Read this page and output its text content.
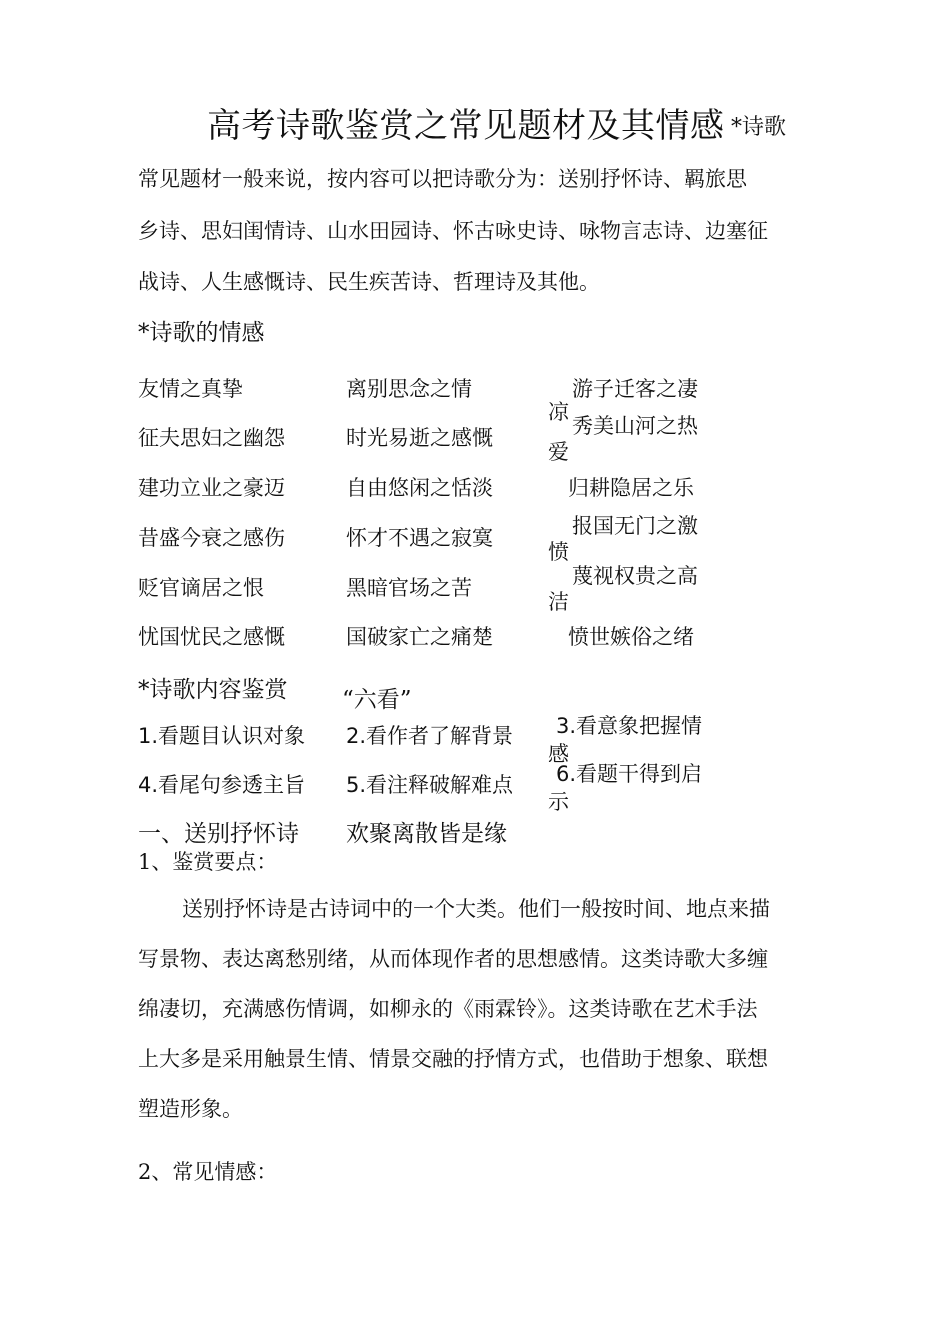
高考诗歌鉴赏之常见题材及其情感 *诗歌
常见题材一般来说，按内容可以把诗歌分为：送别抒怀诗、羁旅思
乡诗、思妇闺情诗、山水田园诗、怀古咏史诗、咏物言志诗、边塞征
战诗、人生感慨诗、民生疾苦诗、哲理诗及其他。
*诗歌的情感
友情之真挚	离别思念之情	游子迁客之凄
凉
征夫思妇之幽怨	时光易逝之感慨	秀美山河之热
爱
建功立业之豪迈	自由悠闲之恬淡	归耕隐居之乐
昔盛今衰之感伤	怀才不遇之寂寞	报国无门之激
愤
贬官谪居之恨	黑暗官场之苦	蔑视权贵之高
洁
忧国忧民之感慨	国破家亡之痛楚	愤世嫉俗之绪
*诗歌内容鉴赏 “六看”
1.看题目认识对象 2.看作者了解背景 3.看意象把握情
感
4.看尾句参透主旨 5.看注释破解难点 6.看题干得到启
示
一、送别抒怀诗 欢聚离散皆是缘
1、鉴赏要点：
送别抒怀诗是古诗词中的一个大类。他们一般按时间、地点来描
写景物、表达离愁别绪，从而体现作者的思想感情。这类诗歌大多缠
绵凄切，充满感伤情调，如柳永的《雨霖铃》。这类诗歌在艺术手法
上大多是采用触景生情、情景交融的抒情方式，也借助于想象、联想
塑造形象。
2、常见情感：
